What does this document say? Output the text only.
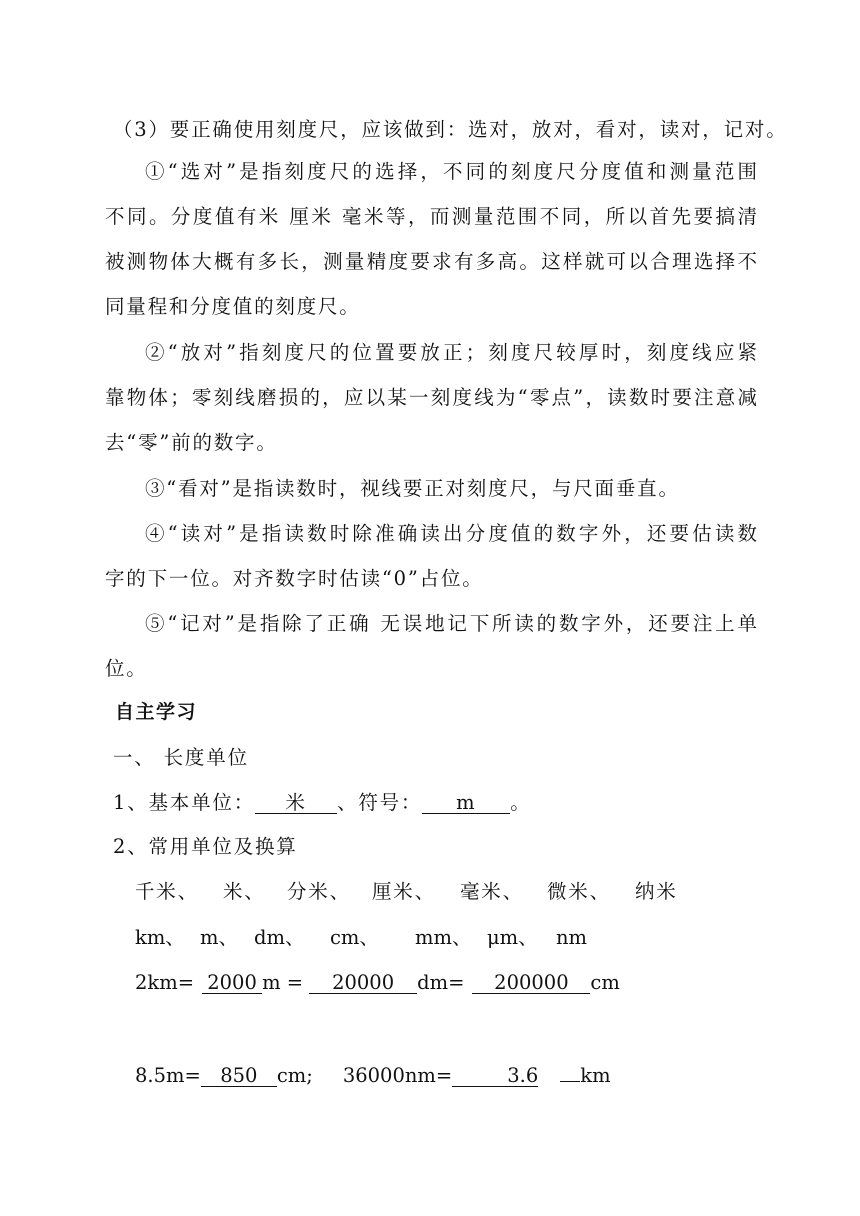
（3）要正确使用刻度尺，应该做到：选对，放对，看对，读对，记对。
①“选对”是指刻度尺的选择，不同的刻度尺分度值和测量范围
不同。分度值有米 厘米 毫米等，而测量范围不同，所以首先要搞清
被测物体大概有多长，测量精度要求有多高。这样就可以合理选择不
同量程和分度值的刻度尺。
②“放对”指刻度尺的位置要放正；刻度尺较厚时，刻度线应紧
靠物体；零刻线磨损的，应以某一刻度线为“零点”，读数时要注意减
去“零”前的数字。
③“看对”是指读数时，视线要正对刻度尺，与尺面垂直。
④“读对”是指读数时除准确读出分度值的数字外，还要估读数
字的下一位。对齐数字时估读“0”占位。
⑤“记对”是指除了正确 无误地记下所读的数字外，还要注上单
位。
自主学习
一、 长度单位
1、基本单位： 米 、符号： m 。
2、常用单位及换算
千米、 米、 分米、 厘米、 毫米、 微米、 纳米
km、 m、 dm、 cm、 mm、 μm、 nm
2km= 2000 m = 20000 dm= 200000 cm
8.5m= 850 cm; 36000nm=	3.6 km
